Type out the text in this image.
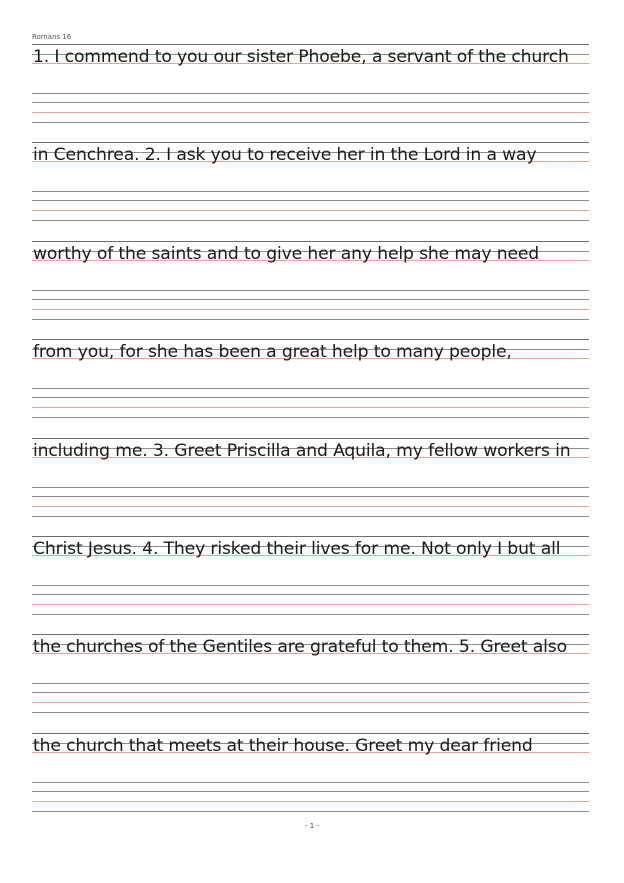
Romans 16
1. I commend to you our sister Phoebe, a servant of the church
in Cenchrea. 2. I ask you to receive her in the Lord in a way
worthy of the saints and to give her any help she may need
from you, for she has been a great help to many people,
including me. 3. Greet Priscilla and Aquila, my fellow workers in
Christ Jesus. 4. They risked their lives for me. Not only I but all
the churches of the Gentiles are grateful to them. 5. Greet also
the church that meets at their house. Greet my dear friend
- 1 -
